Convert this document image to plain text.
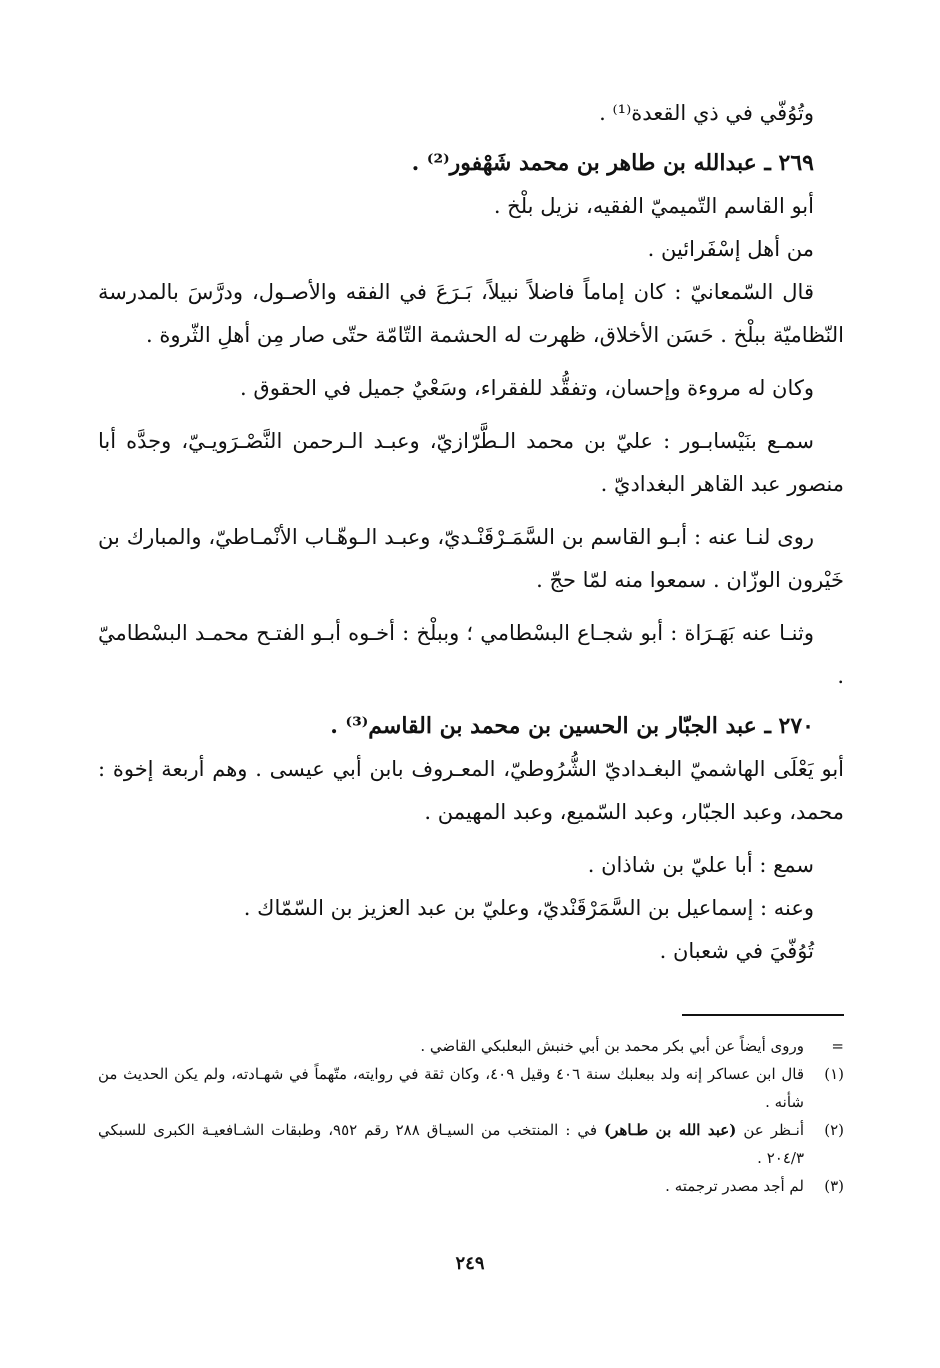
وتُوُفّي في ذي القعدة⁽¹⁾ .

٢٦٩ ـ عبدالله بن طاهر بن محمد شَهْفور⁽²⁾ .

أبو القاسم التّميميّ الفقيه، نزيل بلْخ .
من أهل إسْفَرائين .

قال السّمعانيّ : كان إماماً فاضلاً نبيلاً، بَـرَعَ في الفقه والأصـول، ودرَّسَ بالمدرسة النّظاميّة ببلْخ . حَسَن الأخلاق، ظهرت له الحشمة التّامّة حتّى صار مِن أهلِ الثّروة .

وكان له مروءة وإحسان، وتفقُّد للفقراء، وسَعْيٌ جميل في الحقوق .

سمـع بنَيْسابـور : عليّ بن محمد الـطَّرّازيّ، وعبـد الـرحمن النَّصْـرَويـيّ، وجدَّه أبا منصور عبد القاهر البغداديّ .

روى لنـا عنه : أبـو القاسم بن السَّمَـرْقَنْـديّ، وعبـد الـوهّـاب الأنْمـاطيّ، والمبارك بن خَيْرون الوزّان . سمعوا منه لمّا حجّ .

وثنـا عنه بَهَـرَاة : أبو شجـاع البسْطامي ؛ وببلْخ : أخـوه أبـو الفتـح محمـد البسْطاميّ .

٢٧٠ ـ عبد الجبّار بن الحسين بن محمد بن القاسم⁽³⁾ .

أبو يَعْلَى الهاشميّ البغـداديّ الشُّرُوطيّ، المعـروف بابن أبي عيسى . وهم أربعة إخوة : محمد، وعبد الجبّار، وعبد السّميع، وعبد المهيمن .

سمع : أبا عليّ بن شاذان .
وعنه : إسماعيل بن السَّمَرْقَنْديّ، وعليّ بن عبد العزيز بن السّمّاك .
تُوُفّيَ في شعبان .
=
وروى أيضاً عن أبي بكر محمد بن أبي خنبش البعلبكي القاضي .
(١)
قال ابن عساكر إنه ولد ببعلبك سنة ٤٠٦ وقيل ٤٠٩، وكان ثقة في روايته، متّهماً في شهـادته، ولم يكن الحديث من شأنه .
(٢)
أنـظر عن (عبد الله بن طـاهر) في : المنتخب من السيـاق ٢٨٨ رقم ٩٥٢، وطبقات الشـافعيـة الكبرى للسبكي ٢٠٤/٣ .
(٣)
لم أجد مصدر ترجمته .
٢٤٩
